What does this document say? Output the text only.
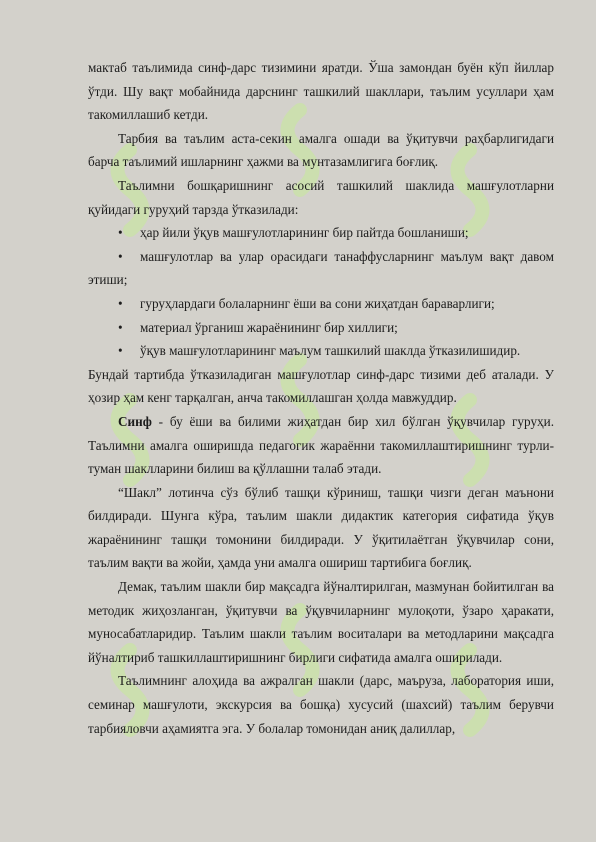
мактаб таълимида синф-дарс тизимини яратди. Ўша замондан буён кўп йиллар ўтди. Шу вақт мобайнида дарснинг ташкилий шакллари, таълим усуллари ҳам такомиллашиб кетди.

Тарбия ва таълим аста-секин амалга ошади ва ўқитувчи раҳбарлигидаги барча таълимий ишларнинг ҳажми ва мунтазамлигига боғлиқ.

Таълимни бошқаришнинг асосий ташкилий шаклида машғулотларни қуйидаги гуруҳий тарзда ўтказилади:

• ҳар йили ўқув машғулотларининг бир пайтда бошланиши;

• машғулотлар ва улар орасидаги танаффусларнинг маълум вақт давом этиши;

• гуруҳлардаги болаларнинг ёши ва сони жиҳатдан бараварлиги;

• материал ўрганиш жараёнининг бир хиллиги;

• ўқув машғулотларининг маълум ташкилий шаклда ўтказилишидир.

Бундай тартибда ўтказиладиган машғулотлар синф-дарс тизими деб аталади. У ҳозир ҳам кенг тарқалган, анча такомиллашган ҳолда мавжуддир.

Синф - бу ёши ва билими жиҳатдан бир хил бўлган ўқувчилар гуруҳи. Таълимни амалга оширишда педагогик жараённи такомиллаштиришнинг турли-туман шаклларини билиш ва қўллашни талаб этади.

“Шакл” лотинча сўз бўлиб ташқи кўриниш, ташқи чизги деган маънони билдиради. Шунга кўра, таълим шакли дидактик категория сифатида ўқув жараёнининг ташқи томонини билдиради. У ўқитилаётган ўқувчилар сони, таълим вақти ва жойи, ҳамда уни амалга ошириш тартибига боғлиқ.

Демак, таълим шакли бир мақсадга йўналтирилган, мазмунан бойитилган ва методик жиҳозланган, ўқитувчи ва ўқувчиларнинг мулоқоти, ўзаро ҳаракати, муносабатларидир. Таълим шакли таълим воситалари ва методларини мақсадга йўналтириб ташкиллаштиришнинг бирлиги сифатида амалга оширилади.

Таълимнинг алоҳида ва ажралган шакли (дарс, маъруза, лаборатория иши, семинар машғулоти, экскурсия ва бошқа) хусусий (шахсий) таълим берувчи тарбияловчи аҳамиятга эга. У болалар томонидан аниқ далиллар,
